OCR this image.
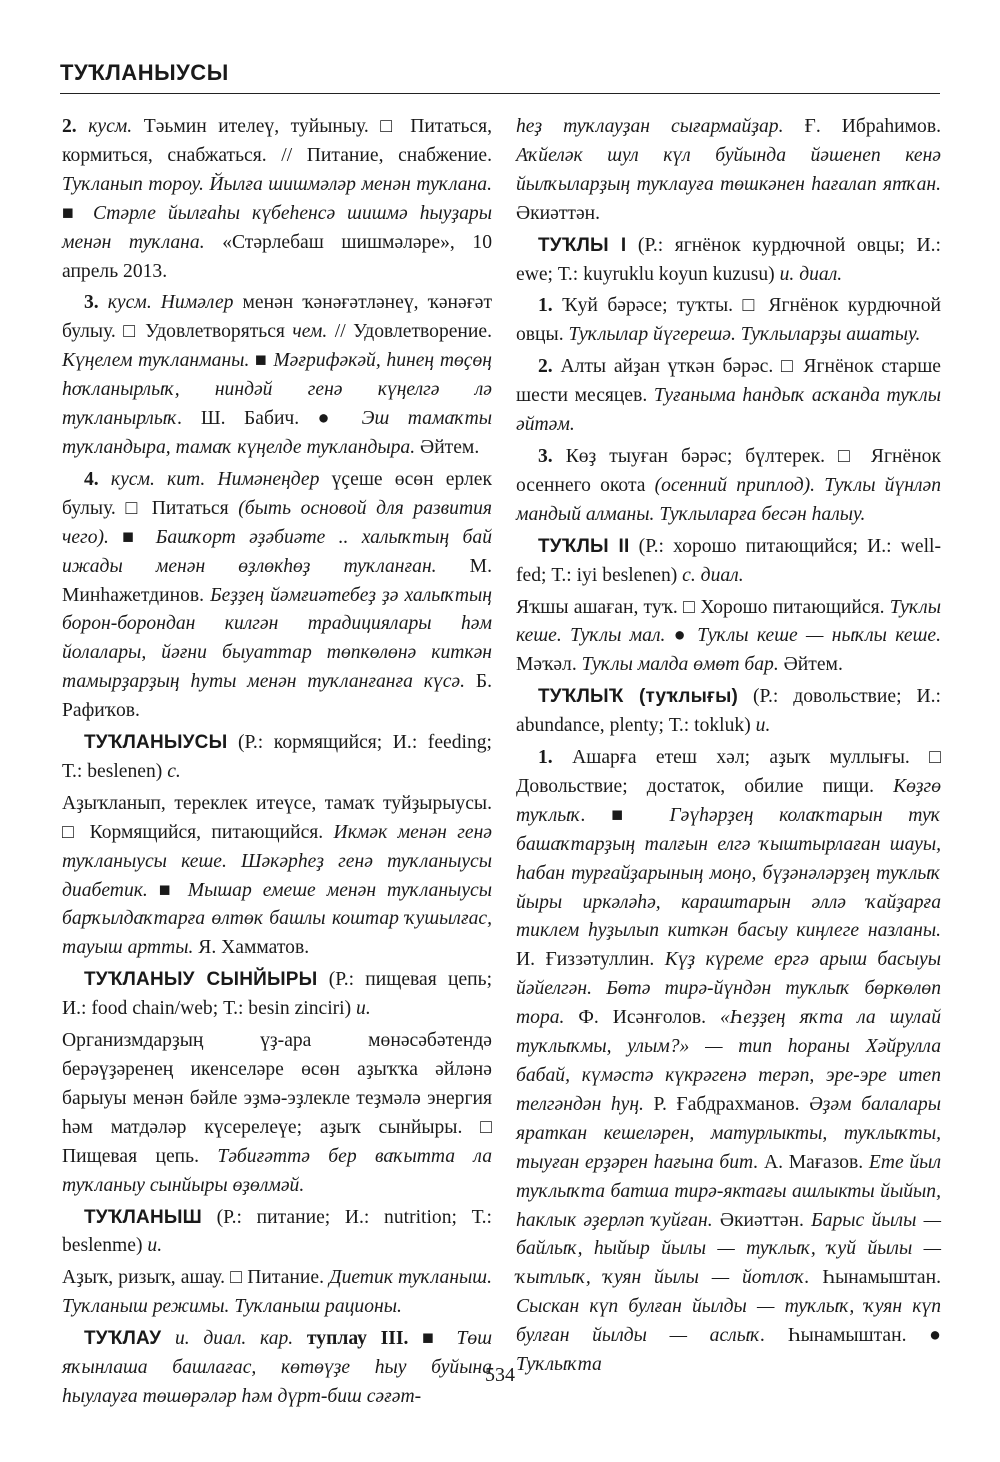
ТУҠЛАНЫУСЫ

2. кусм. Тәьмин ителеү, туйыныу. □ Питаться, кормиться, снабжаться. // Питание, снабжение. Туҡланып тороу. Йылға шишмәләр менән туҡлана. ■ Стәрле йылғаһы күбеһенсә шишмә һыуҙары менән туҡлана. «Стәрлебаш шишмәләре», 10 апрель 2013.

3. кусм. Нимәлер менән ҡәнәғәтләнеү, ҡәнәғәт булыу. □ Удовлетворяться чем. // Удовлетворение. Күңелем туҡланманы. ■ Мәғрифәкәй, һинең төҫөң һоҡланырлыҡ, ниндәй генә күңелгә лә туҡланырлыҡ. Ш. Бабич. ● Эш тамаҡты туҡландыра, тамаҡ күңелде туҡландыра. Әйтем.

4. кусм. кит. Нимәнеңдер үҫеше өсөн ерлек булыу. □ Питаться (быть основой для развития чего). ■ Башҡорт әҙәбиәте .. халыҡтың бай ижады менән өҙлөкһөҙ туҡланған. М. Минһажетдинов. Беҙҙең йәмғиәтебеҙ ҙә халыҡтың борон-борондан килгән традициялары һәм йолалары, йәғни быуаттар төпкөлөнә киткән тамырҙарҙың һуты менән туҡланғанға күсә. Б. Рафиҡов.

ТУҠЛАНЫУСЫ (Р.: кормящийся; И.: feeding; Т.: beslenen) с.

Аҙыҡланып, тереклек итеүсе, тамаҡ туйҙырыусы. □ Кормящийся, питающийся. Икмәк менән генә туҡланыусы кеше. Шәкәрһеҙ генә туҡланыусы диабетик. ■ Мышар емеше менән туҡланыусы барҡылдаҡтарға өлтөк башлы коштар ҡушылғас, тауыш артты. Я. Хамматов.

ТУҠЛАНЫУ СЫНЙЫРЫ (Р.: пищевая цепь; И.: food chain/web; Т.: besin zinciri) и.

Организмдарҙың үҙ-ара мөнәсәбәтендә берәүҙәренең икенселәре өсөн аҙыҡҡа әйләнә барыуы менән бәйле эҙмә-эҙлекле теҙмәлә энергия һәм матдәләр күсерелеүе; аҙыҡ сынйыры. □ Пищевая цепь. Тәбиғәттә бер ваҡытта ла туҡланыу сынйыры өҙөлмәй.

ТУҠЛАНЫШ (Р.: питание; И.: nutrition; Т.: beslenme) и.

Аҙыҡ, ризыҡ, ашау. □ Питание. Диетик туҡланыш. Туҡланыш режимы. Туҡланыш рационы.

ТУҠЛАУ и. диал. кар. туплау III. ■ Төш яҡынлаша башлағас, көтөүҙе һыу буйына һыулауға төшөрәләр һәм дүрт-биш сәғәт-

һеҙ туҡлауҙан сығармайҙар. Ғ. Ибраһимов. Аҡйеләк шул күл буйында йәшенеп кенә йылҡыларҙың туҡлауға төшкәнен һағалап ятҡан. Әкиәттән.

ТУҠЛЫ I (Р.: ягнёнок курдючной овцы; И.: ewe; Т.: kuyruklu koyun kuzusu) и. диал.

1. Ҡуй бәрәсе; туҡты. □ Ягнёнок курдючной овцы. Туҡлылар йүгерешә. Туҡлыларҙы ашатыу.

2. Алты айҙан үткән бәрәс. □ Ягнёнок старше шести месяцев. Туғаныма һандыҡ асҡанда туҡлы әйтәм.

3. Көҙ тыуған бәрәс; бүлтерек. □ Ягнёнок осеннего окота (осенний приплод). Туҡлы йүнләп мандый алманы. Туҡлыларға бесән һалыу.

ТУҠЛЫ II (Р.: хорошо питающийся; И.: well-fed; Т.: iyi beslenen) с. диал.

Яҡшы ашаған, туҡ. □ Хорошо питающийся. Туҡлы кеше. Туҡлы мал. ● Туҡлы кеше — ныҡлы кеше. Мәҡәл. Туҡлы малда өмөт бар. Әйтем.

ТУҠЛЫҠ (туҡлығы) (Р.: довольствие; И.: abundance, plenty; Т.: tokluk) и.

1. Ашарға етеш хәл; аҙыҡ муллығы. □ Довольствие; достаток, обилие пищи. Көҙгө туҡлыҡ. ■ Гәүһәрҙең колаҡтарын туҡ башаҡтарҙың талғын елгә ҡыштырлаған шауы, һабан турғайҙарының моңо, бүҙәнәләрҙең туҡлыҡ йыры иркәләһә, караштарын әллә ҡайҙарға тиклем һуҙылып киткән басыу киңлеге назланы. И. Ғиззәтуллин. Күҙ күреме ергә арыш басыуы йәйелгән. Бөтә тирә-йүндән туҡлыҡ бөркөлөп тора. Ф. Исәнғолов. «Һеҙҙең яҡта ла шулай туҡлыҡмы, улым?» — тип һораны Хәйрулла бабай, күмәстә күкрәгенә терәп, эре-эре итеп телгәндән һуң. Р. Ғабдрахманов. Әҙәм балалары яраткан кешеләрен, матурлыкты, туҡлыҡты, тыуған ерҙәрен һағына бит. А. Мағазов. Ете йыл туҡлыҡта батша тирә-яктағы ашлыкты йыйып, һаклык әҙерләп ҡуйған. Әкиәттән. Барыс йылы — байлыҡ, һыйыр йылы — туҡлыҡ, ҡуй йылы — ҡытлыҡ, ҡуян йылы — йотлоҡ. Һынамыштан. Сыскан күп булған йылды — туҡлыҡ, ҡуян күп булған йылды — аслыҡ. Һынамыштан. ● Туҡлыҡта

534
